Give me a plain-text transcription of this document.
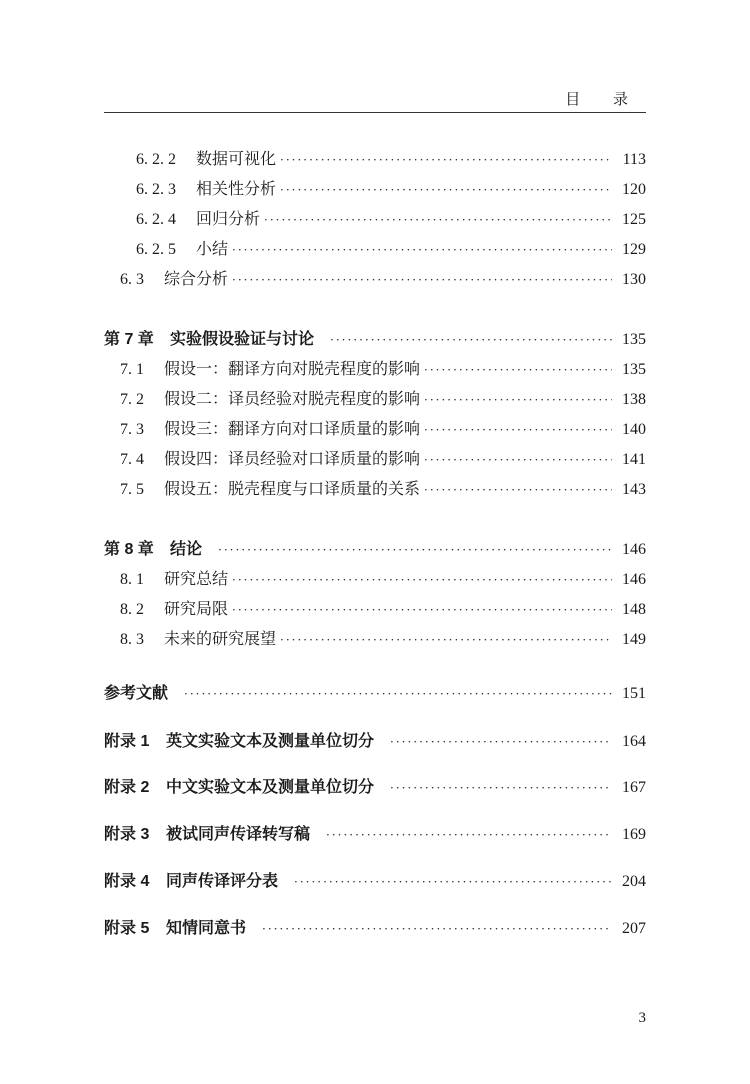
目 录
6. 2. 2	数据可视化 ·····	113
6. 2. 3	相关性分析 ·····	120
6. 2. 4	回归分析 ·····	125
6. 2. 5	小结 ·····	129
6. 3	综合分析 ·····	130
第 7 章	实验假设验证与讨论 ·····	135
7. 1	假设一：翻译方向对脱壳程度的影响 ·····	135
7. 2	假设二：译员经验对脱壳程度的影响 ·····	138
7. 3	假设三：翻译方向对口译质量的影响 ·····	140
7. 4	假设四：译员经验对口译质量的影响 ·····	141
7. 5	假设五：脱壳程度与口译质量的关系 ·····	143
第 8 章	结论 ·····	146
8. 1	研究总结 ·····	146
8. 2	研究局限 ·····	148
8. 3	未来的研究展望 ·····	149
参考文献 ·····	151
附录 1	英文实验文本及测量单位切分 ·····	164
附录 2	中文实验文本及测量单位切分 ·····	167
附录 3	被试同声传译转写稿 ·····	169
附录 4	同声传译评分表 ·····	204
附录 5	知情同意书 ·····	207
3
